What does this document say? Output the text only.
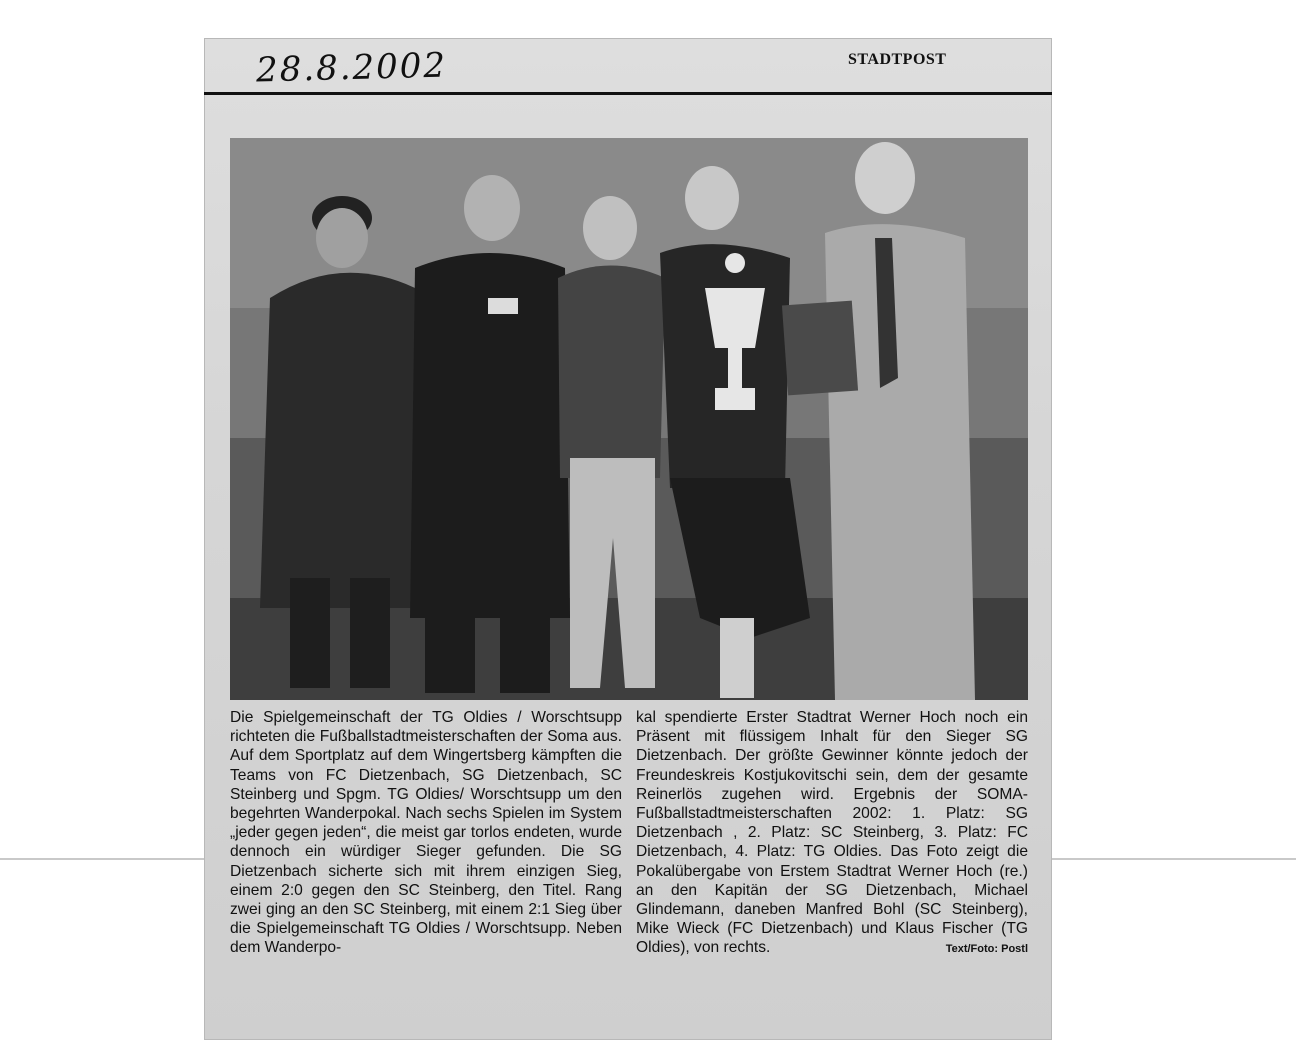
28.8.2002	STADTPOST
Die Spielgemeinschaft der TG Oldies / Worschtsupp richteten die Fußballstadtmeisterschaften der Soma aus. Auf dem Sportplatz auf dem Wingertsberg kämpften die Teams von FC Dietzenbach, SG Dietzenbach, SC Steinberg und Spgm. TG Oldies/ Worschtsupp um den begehrten Wanderpokal. Nach sechs Spielen im System „jeder gegen jeden“, die meist gar torlos endeten, wurde dennoch ein würdiger Sieger gefunden. Die SG Dietzenbach sicherte sich mit ihrem einzigen Sieg, einem 2:0 gegen den SC Steinberg, den Titel. Rang zwei ging an den SC Steinberg, mit einem 2:1 Sieg über die Spielgemeinschaft TG Oldies / Worschtsupp. Neben dem Wanderpo-
kal spendierte Erster Stadtrat Werner Hoch noch ein Präsent mit flüssigem Inhalt für den Sieger SG Dietzenbach. Der größte Gewinner könnte jedoch der Freundeskreis Kostjukovitschi sein, dem der gesamte Reinerlös zugehen wird. Ergebnis der SOMA-Fußballstadtmeisterschaften 2002: 1. Platz: SG Dietzenbach , 2. Platz: SC Steinberg, 3. Platz: FC Dietzenbach, 4. Platz: TG Oldies. Das Foto zeigt die Pokalübergabe von Erstem Stadtrat Werner Hoch (re.) an den Kapitän der SG Dietzenbach, Michael Glindemann, daneben Manfred Bohl (SC Steinberg), Mike Wieck (FC Dietzenbach) und Klaus Fischer (TG Oldies), von rechts.	Text/Foto: Postl
